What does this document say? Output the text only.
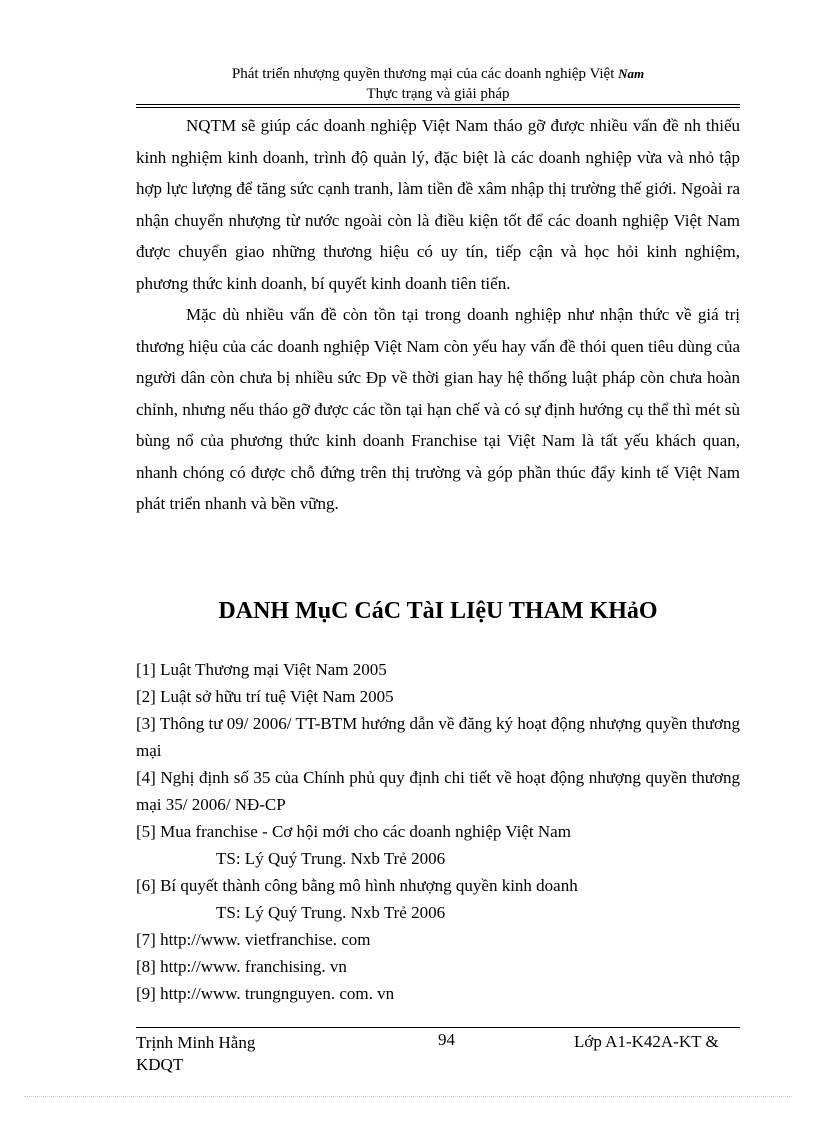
Phát triển nhượng quyền thương mại của các doanh nghiệp Việt Nam
Thực trạng và giải pháp

NQTM sẽ giúp các doanh nghiệp Việt Nam tháo gỡ được nhiều vấn đề nh thiếu kinh nghiệm kinh doanh, trình độ quản lý, đặc biệt là các doanh nghiệp vừa và nhỏ tập hợp lực lượng để tăng sức cạnh tranh, làm tiền đề xâm nhập thị trường thế giới. Ngoài ra nhận chuyển nhượng từ nước ngoài còn là điều kiện tốt để các doanh nghiệp Việt Nam được chuyển giao những thương hiệu có uy tín, tiếp cận và học hỏi kinh nghiệm, phương thức kinh doanh, bí quyết kinh doanh tiên tiến.

Mặc dù nhiều vấn đề còn tồn tại trong doanh nghiệp như nhận thức về giá trị thương hiệu của các doanh nghiệp Việt Nam còn yếu hay vấn đề thói quen tiêu dùng của người dân còn chưa bị nhiều sức Đp về thời gian hay hệ thống luật pháp còn chưa hoàn chỉnh, nhưng nếu tháo gỡ được các tồn tại hạn chế và có sự định hướng cụ thể thì mét sù bùng nổ của phương thức kinh doanh Franchise tại Việt Nam là tất yếu khách quan, nhanh chóng có được chỗ đứng trên thị trường và góp phần thúc đẩy kinh tế Việt Nam phát triển nhanh và bền vững.

DANH MụC CáC TàI LIệU THAM KHảO

[1] Luật Thương mại Việt Nam 2005

[2] Luật sở hữu trí tuệ Việt Nam 2005

[3] Thông tư 09/ 2006/ TT-BTM hướng dẫn về đăng ký hoạt động nhượng quyền thương mại

[4] Nghị định số 35 của Chính phủ quy định chi tiết về hoạt động nhượng quyền thương mại 35/ 2006/ NĐ-CP

[5] Mua franchise - Cơ hội mới cho các doanh nghiệp Việt Nam

TS: Lý Quý Trung. Nxb Trẻ 2006

[6] Bí quyết thành công bằng mô hình nhượng quyền kinh doanh

TS: Lý Quý Trung. Nxb Trẻ 2006

[7] http://www. vietfranchise. com

[8] http://www. franchising. vn

[9] http://www. trungnguyen. com. vn

Trịnh Minh Hằng
KDQT
94	Lớp A1-K42A-KT &
